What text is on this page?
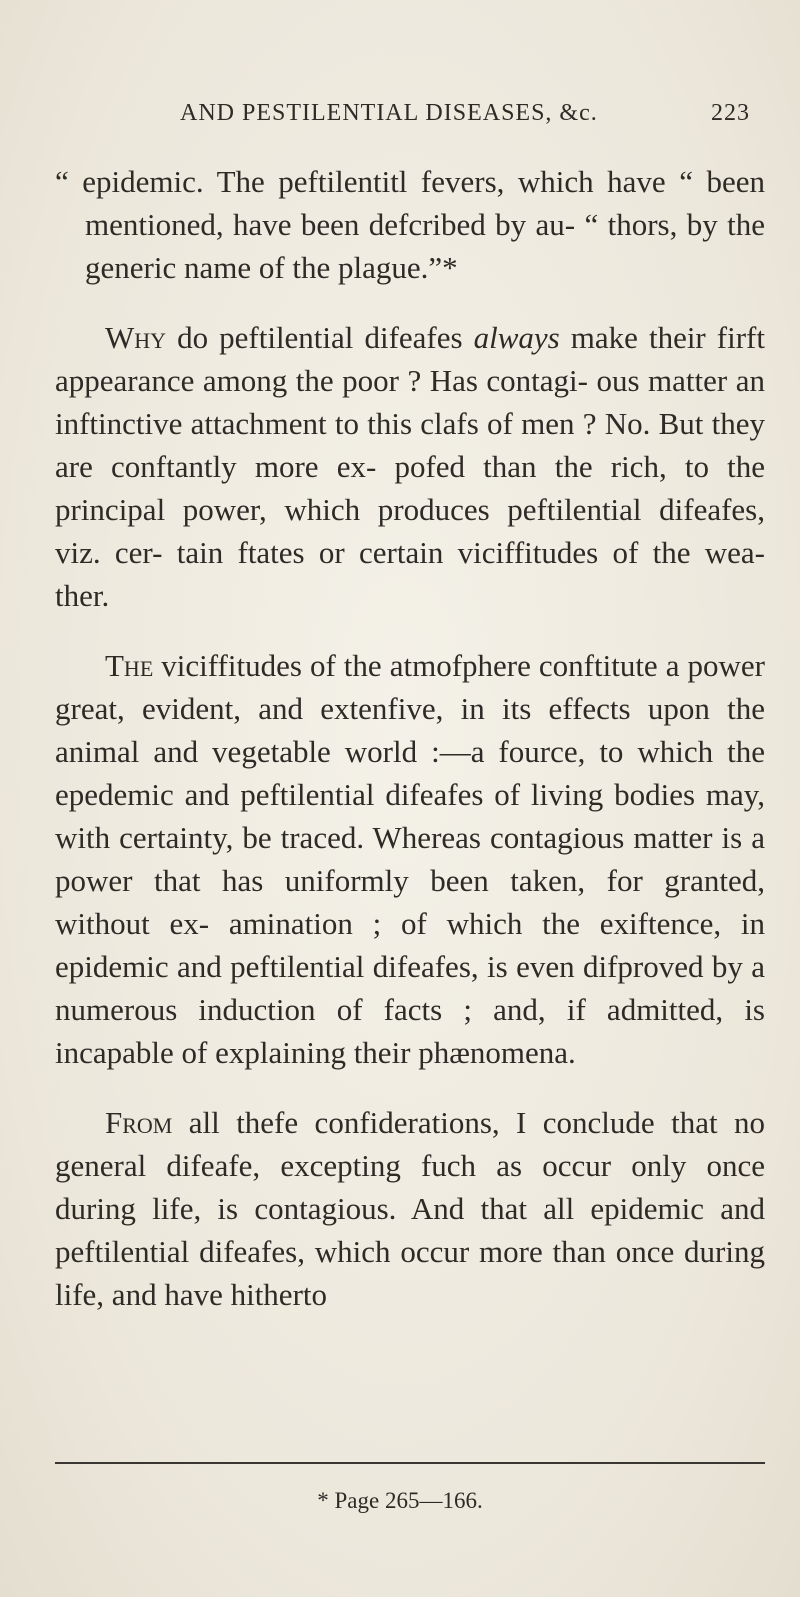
AND PESTILENTIAL DISEASES, &c.	223

“ epidemic. The peftilentitl fevers, which have “ been mentioned, have been defcribed by au- “ thors, by the generic name of the plague.”*

Why do peftilential difeafes always make their firft appearance among the poor ? Has contagi- ous matter an inftinctive attachment to this clafs of men ? No. But they are conftantly more ex- pofed than the rich, to the principal power, which produces peftilential difeafes, viz. cer- tain ftates or certain viciffitudes of the wea- ther.

The viciffitudes of the atmofphere conftitute a power great, evident, and extenfive, in its effects upon the animal and vegetable world :—a fource, to which the epedemic and peftilential difeafes of living bodies may, with certainty, be traced. Whereas contagious matter is a power that has uniformly been taken, for granted, without ex- amination ; of which the exiftence, in epidemic and peftilential difeafes, is even difproved by a numerous induction of facts ; and, if admitted, is incapable of explaining their phænomena.

From all thefe confiderations, I conclude that no general difeafe, excepting fuch as occur only once during life, is contagious. And that all epidemic and peftilential difeafes, which occur more than once during life, and have hitherto

* Page 265—166.
